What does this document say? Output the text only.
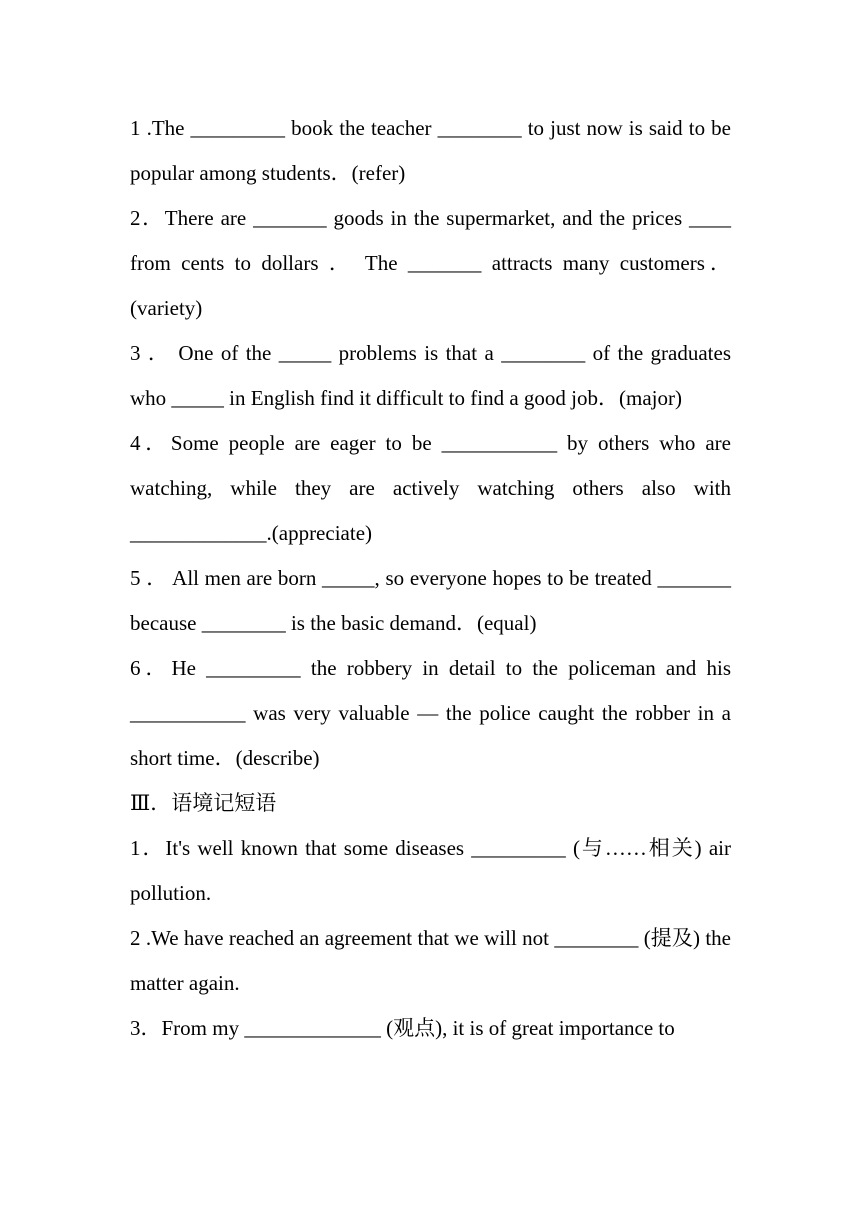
1 .The _________ book the teacher ________ to just now is said to be popular among students．(refer)

2．There are _______ goods in the supermarket, and the prices ____ from cents to dollars ． The _______ attracts many customers．(variety)

3 ． One of the _____ problems is that a ________ of the graduates who _____ in English find it difficult to find a good job．(major)

4．Some people are eager to be ___________ by others who are watching, while they are actively watching others also with _____________.(appreciate)

5 ． All men are born _____, so everyone hopes to be treated _______ because ________ is the basic demand．(equal)

6．He _________ the robbery in detail to the policeman and his ___________ was very valuable — the police caught the robber in a short time．(describe)

Ⅲ．语境记短语

1．It's well known that some diseases _________ (与……相关) air pollution.

2 .We have reached an agreement that we will not ________ (提及) the matter again.

3．From my _____________ (观点), it is of great importance to
